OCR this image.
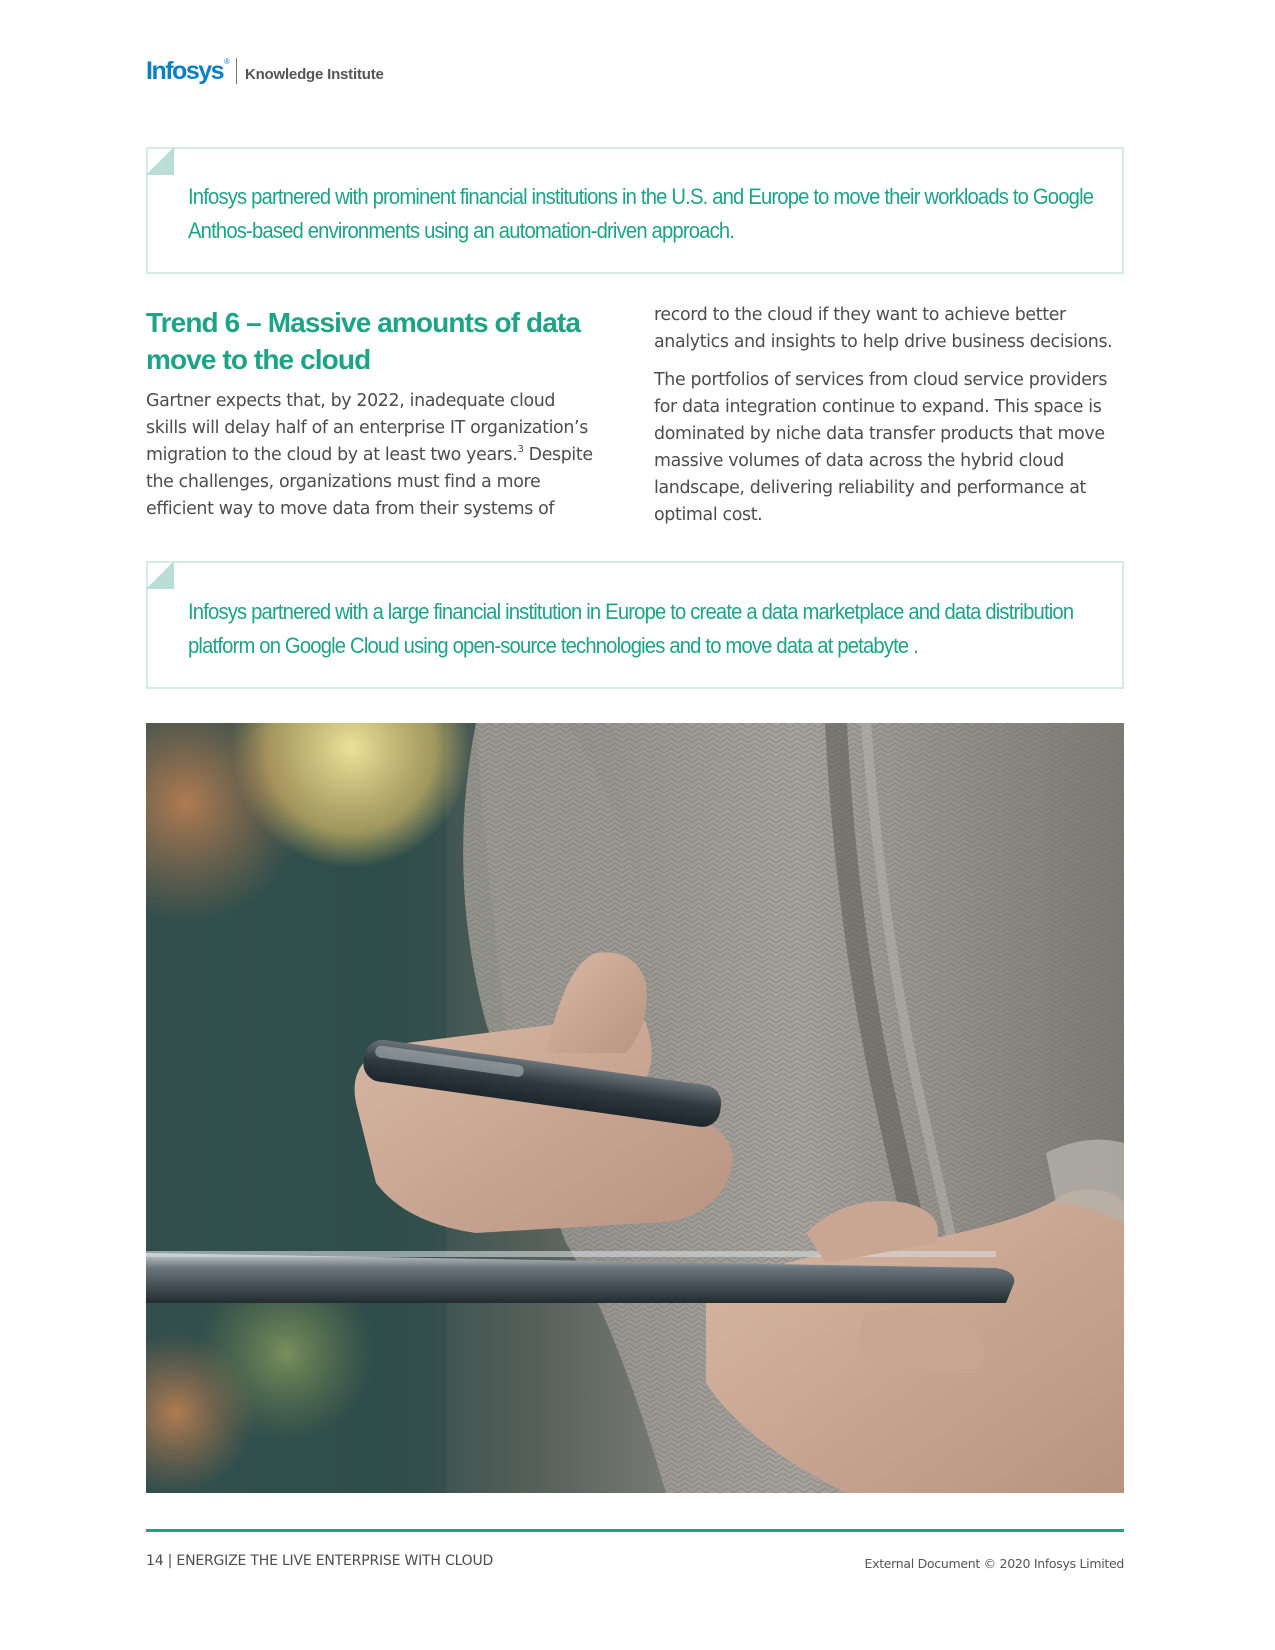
Infosys ®
Knowledge Institute
Infosys partnered with prominent financial institutions in the U.S. and Europe to move their workloads to Google Anthos-based environments using an automation-driven approach.
Trend 6 – Massive amounts of data move to the cloud

Gartner expects that, by 2022, inadequate cloud skills will delay half of an enterprise IT organization’s migration to the cloud by at least two years.$^3$ Despite the challenges, organizations must find a more efficient way to move data from their systems of

record to the cloud if they want to achieve better analytics and insights to help drive business decisions.

The portfolios of services from cloud service providers for data integration continue to expand. This space is dominated by niche data transfer products that move massive volumes of data across the hybrid cloud landscape, delivering reliability and performance at optimal cost.

Infosys partnered with a large financial institution in Europe to create a data marketplace and data distribution platform on Google Cloud using open-source technologies and to move data at petabyte .
14 | ENERGIZE THE LIVE ENTERPRISE WITH CLOUD	External Document © 2020 Infosys Limited
